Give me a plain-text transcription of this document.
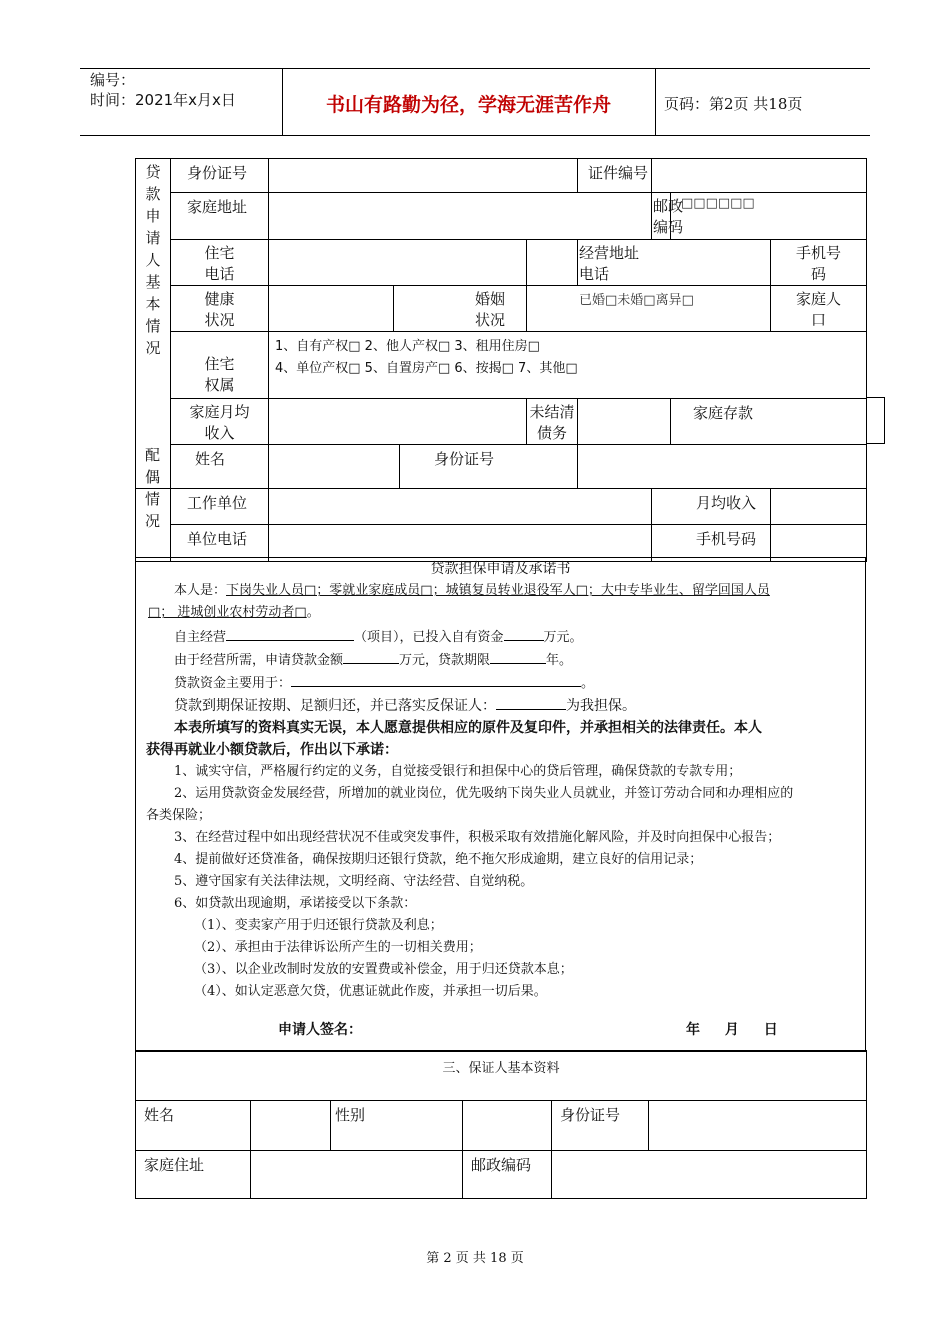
编号：
时间：2021年x月x日	书山有路勤为径，学海无涯苦作舟	页码：第2页 共18页
贷款申请人基本情况	身份证号					证件编号				
	家庭地址						邮政编码	□□□□□□		
	住宅电话				经营地址电话				手机号码	
	健康状况		婚姻状况		已婚□未婚□离异□				家庭人口	
	住宅权属	1、自有产权□ 2、他人产权□ 3、租用住房□
4、单位产权□ 5、自置房产□ 6、按揭□ 7、其他□								

	家庭月均收入				未结清债务			家庭存款		
	姓名			身份证号						
	工作单位						月均收入			
	单位电话						手机号码			
配偶情况

贷款担保申请及承诺书

本人是：下岗失业人员□；零就业家庭成员□；城镇复员转业退役军人□；大中专毕业生、留学回国人员

□； 进城创业农村劳动者□。

自主经营	（项目），已投入自有资金	万元。

由于经营所需，申请贷款金额	万元，贷款期限	年。

贷款资金主要用于：	。

贷款到期保证按期、足额归还，并已落实反保证人：	为我担保。

本表所填写的资料真实无误，本人愿意提供相应的原件及复印件，并承担相关的法律责任。本人

获得再就业小额贷款后，作出以下承诺：

1、诚实守信，严格履行约定的义务，自觉接受银行和担保中心的贷后管理，确保贷款的专款专用；

2、运用贷款资金发展经营，所增加的就业岗位，优先吸纳下岗失业人员就业，并签订劳动合同和办理相应的

各类保险；

3、在经营过程中如出现经营状况不佳或突发事件，积极采取有效措施化解风险，并及时向担保中心报告；

4、提前做好还贷准备，确保按期归还银行贷款，绝不拖欠形成逾期，建立良好的信用记录；

5、遵守国家有关法律法规，文明经商、守法经营、自觉纳税。

6、如贷款出现逾期，承诺接受以下条款：

（1）、变卖家产用于归还银行贷款及利息；

（2）、承担由于法律诉讼所产生的一切相关费用；

（3）、以企业改制时发放的安置费或补偿金，用于归还贷款本息；

（4）、如认定恶意欠贷，优惠证就此作废，并承担一切后果。

申请人签名：	年 月 日
三、保证人基本资料					
姓名		性别		身份证号	
家庭住址			邮政编码		
第 2 页 共 18 页
